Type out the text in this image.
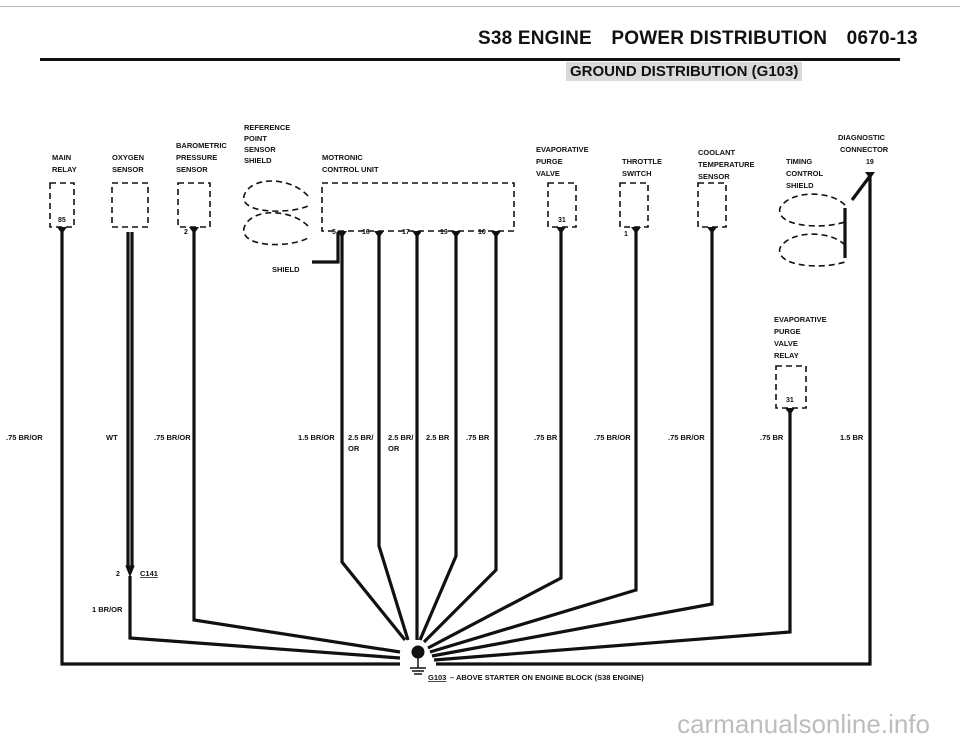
S38 ENGINE POWER DISTRIBUTION 0670-13
GROUND DISTRIBUTION (G103)
MAIN
RELAY
OXYGEN
SENSOR
BAROMETRIC
PRESSURE
SENSOR
REFERENCE
POINT
SENSOR
SHIELD	MOTRONIC
CONTROL UNIT
EVAPORATIVE
PURGE
VALVE
THROTTLE
SWITCH
COOLANT
TEMPERATURE
SENSOR
TIMING
CONTROL
SHIELD
DIAGNOSTIC
CONNECTOR
EVAPORATIVE
PURGE
VALVE
RELAY
SHIELD
85
2	5	16	17	19	10
31
1
19
31
.75 BR/OR	WT	.75 BR/OR	1.5 BR/OR 2.5 BR/
OR
2.5 BR/
OR
2.5 BR .75 BR	.75 BR	.75 BR/OR	.75 BR/OR	.75 BR	1.5 BR
2	C141
1 BR/OR
G103 – ABOVE STARTER ON ENGINE BLOCK (S38 ENGINE)
carmanualsonline.info
